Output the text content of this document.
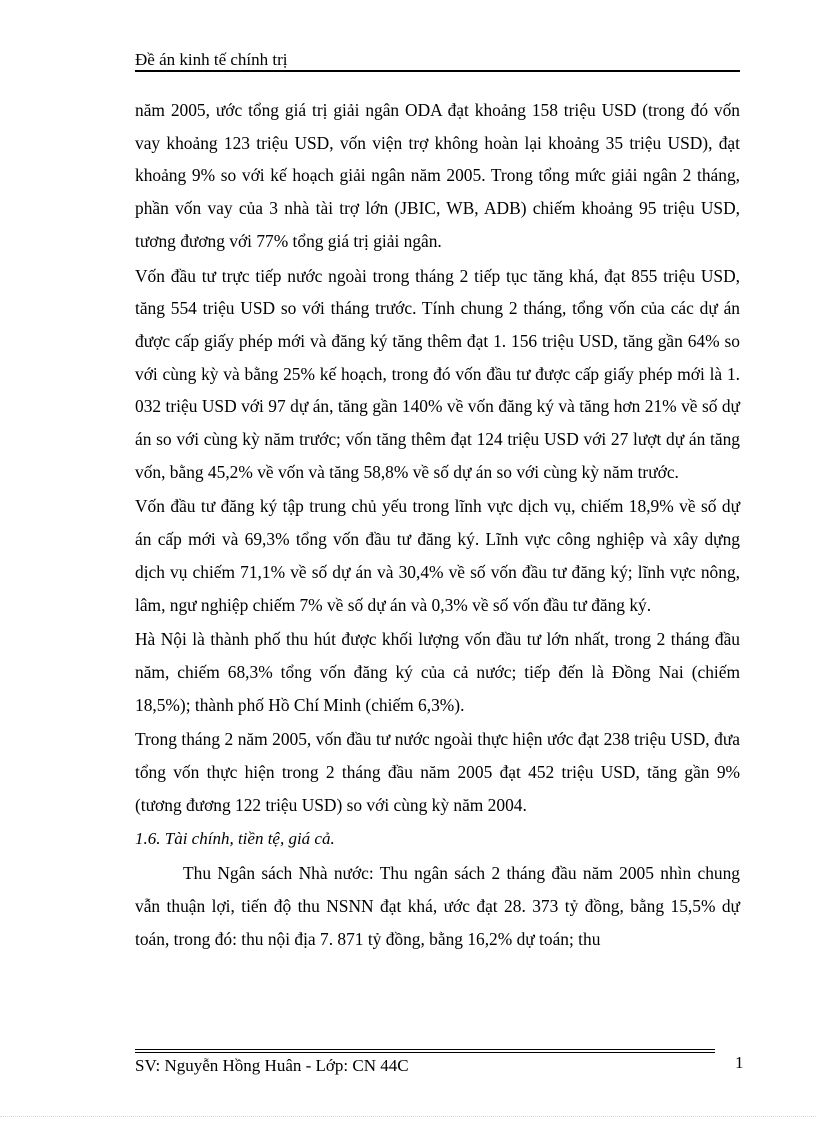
Đề án kinh tế chính trị

năm 2005, ước tổng giá trị giải ngân ODA đạt khoảng 158 triệu USD (trong đó vốn vay khoảng 123 triệu USD, vốn viện trợ không hoàn lại khoảng 35 triệu USD), đạt khoảng 9% so với kế hoạch giải ngân năm 2005. Trong tổng mức giải ngân 2 tháng, phần vốn vay của 3 nhà tài trợ lớn (JBIC, WB, ADB) chiếm khoảng 95 triệu USD, tương đương với 77% tổng giá trị giải ngân.

Vốn đầu tư trực tiếp nước ngoài trong tháng 2 tiếp tục tăng khá, đạt 855 triệu USD, tăng 554 triệu USD so với tháng trước. Tính chung 2 tháng, tổng vốn của các dự án được cấp giấy phép mới và đăng ký tăng thêm đạt 1. 156 triệu USD, tăng gần 64% so với cùng kỳ và bằng 25% kế hoạch, trong đó vốn đầu tư được cấp giấy phép mới là 1. 032 triệu USD với 97 dự án, tăng gần 140% về vốn đăng ký và tăng hơn 21% về số dự án so với cùng kỳ năm trước; vốn tăng thêm đạt 124 triệu USD với 27 lượt dự án tăng vốn, bằng 45,2% về vốn và tăng 58,8% về số dự án so với cùng kỳ năm trước.

Vốn đầu tư đăng ký tập trung chủ yếu trong lĩnh vực dịch vụ, chiếm 18,9% về số dự án cấp mới và 69,3% tổng vốn đầu tư đăng ký. Lĩnh vực công nghiệp và xây dựng dịch vụ chiếm 71,1% về số dự án và 30,4% về số vốn đầu tư đăng ký; lĩnh vực nông, lâm, ngư nghiệp chiếm 7% về số dự án và 0,3% về số vốn đầu tư đăng ký.

Hà Nội là thành phố thu hút được khối lượng vốn đầu tư lớn nhất, trong 2 tháng đầu năm, chiếm 68,3% tổng vốn đăng ký của cả nước; tiếp đến là Đồng Nai (chiếm 18,5%); thành phố Hồ Chí Minh (chiếm 6,3%).

Trong tháng 2 năm 2005, vốn đầu tư nước ngoài thực hiện ước đạt 238 triệu USD, đưa tổng vốn thực hiện trong 2 tháng đầu năm 2005 đạt 452 triệu USD, tăng gần 9% (tương đương 122 triệu USD) so với cùng kỳ năm 2004.

1.6. Tài chính, tiền tệ, giá cả.

Thu Ngân sách Nhà nước: Thu ngân sách 2 tháng đầu năm 2005 nhìn chung vẫn thuận lợi, tiến độ thu NSNN đạt khá, ước đạt 28. 373 tỷ đồng, bằng 15,5% dự toán, trong đó: thu nội địa 7. 871 tỷ đồng, bằng 16,2% dự toán; thu

SV: Nguyễn Hồng Huân - Lớp: CN 44C	1
